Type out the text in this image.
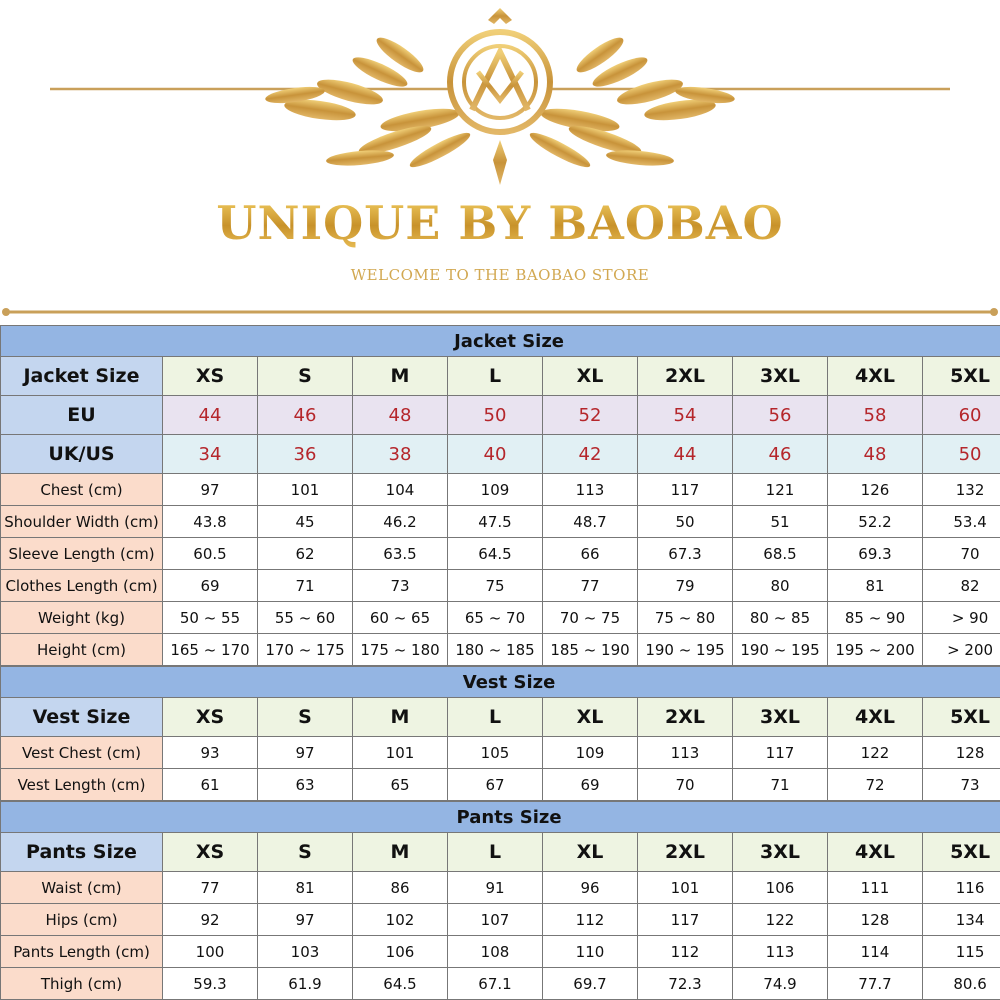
UNIQUE BY BAOBAO
WELCOME TO THE BAOBAO STORE
Jacket Size									
Jacket Size	XS	S	M	L	XL	2XL	3XL	4XL	5XL
EU	44	46	48	50	52	54	56	58	60
UK/US	34	36	38	40	42	44	46	48	50
Chest (cm)	97	101	104	109	113	117	121	126	132
Shoulder Width (cm)	43.8	45	46.2	47.5	48.7	50	51	52.2	53.4
Sleeve Length (cm)	60.5	62	63.5	64.5	66	67.3	68.5	69.3	70
Clothes Length (cm)	69	71	73	75	77	79	80	81	82
Weight (kg)	50 ~ 55	55 ~ 60	60 ~ 65	65 ~ 70	70 ~ 75	75 ~ 80	80 ~ 85	85 ~ 90	> 90
Height (cm)	165 ~ 170	170 ~ 175	175 ~ 180	180 ~ 185	185 ~ 190	190 ~ 195	190 ~ 195	195 ~ 200	> 200
Vest Size									
Vest Size	XS	S	M	L	XL	2XL	3XL	4XL	5XL
Vest Chest (cm)	93	97	101	105	109	113	117	122	128
Vest Length (cm)	61	63	65	67	69	70	71	72	73
Pants Size									
Pants Size	XS	S	M	L	XL	2XL	3XL	4XL	5XL
Waist (cm)	77	81	86	91	96	101	106	111	116
Hips (cm)	92	97	102	107	112	117	122	128	134
Pants Length (cm)	100	103	106	108	110	112	113	114	115
Thigh (cm)	59.3	61.9	64.5	67.1	69.7	72.3	74.9	77.7	80.6
